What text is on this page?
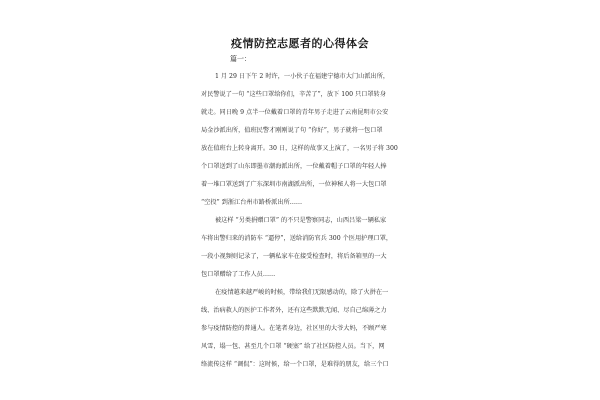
疫情防控志愿者的心得体会
篇一：
1 月 29 日下午 2 时许，一小伙子在福建宁德市大门山派出所，
对民警说了一句 “这些口罩给你们，辛苦了”，放下 100 只口罩转身
就走。同日晚 9 点半一位戴着口罩的青年男子走进了云南昆明市公安
局金沙派出所，值班民警才刚刚说了句 “你好”，男子就将一包口罩
放在值班台上转身离开。30 日，这样的故事又上演了，一名男子将 300
个口罩送到了山东即墨市潮海派出所，一位戴着帽子口罩的年轻人捧
着一堆口罩送到了广东深圳市南湖派出所，一位神秘人将一大包口罩
“空投” 到浙江台州市路桥派出所……
被这样 “另类捐赠口罩” 的不只是警察同志，山西吕梁一辆私家
车将出警归来的消防车 “逼停”，送给消防官兵 300 个医用护理口罩，
一段小视频则记录了，一辆私家车在接受检查时，将后备箱里的一大
包口罩赠给了工作人员……
在疫情越来越严峻的时候，带给我们无限感动的，除了火拼在一
线、治病救人的医护工作者外，还有这些默默无闻、尽自己绵薄之力
参与疫情防控的普通人。在笔者身边，社区里的大爷大妈，不顾严寒
风雪，塌一包、甚至几个口罩 “硬塞” 给了社区防控人员。当下，网
络流传这样 “调侃”：这时候，给一个口罩，是难得的朋友，给三个口
